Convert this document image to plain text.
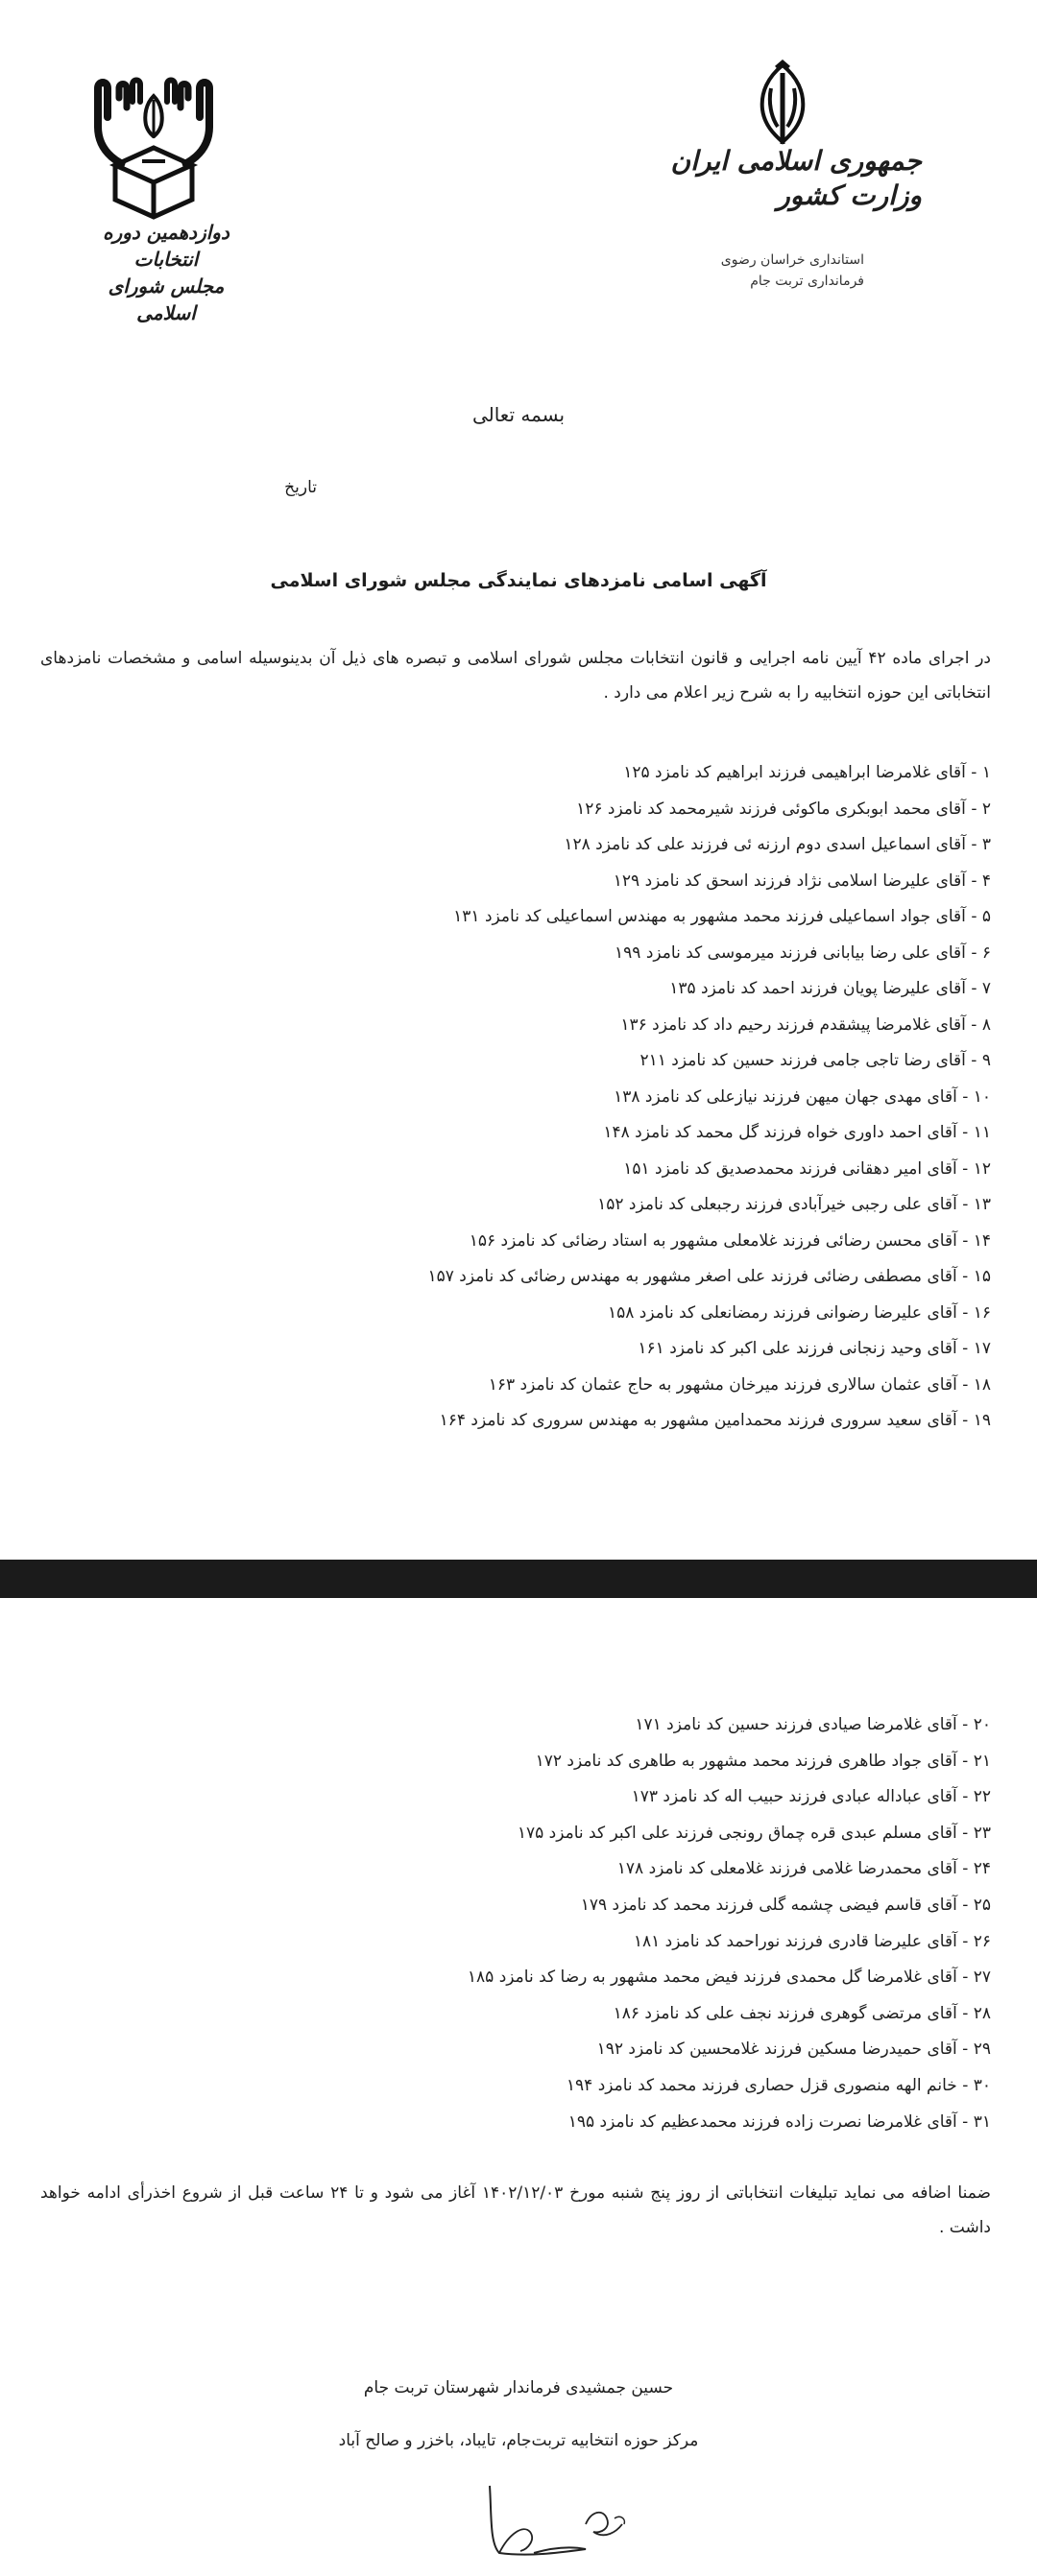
جمهوری اسلامی ایران
وزارت کشور
استانداری خراسان رضوی
فرمانداری تربت جام
دوازدهمین دوره انتخابات
مجلس شورای اسلامی
بسمه تعالی
تاریخ
آگهی اسامی نامزدهای نمایندگی مجلس شورای اسلامی
در اجرای ماده ۴۲ آیین نامه اجرایی و قانون انتخابات مجلس شورای اسلامی و تبصره های ذیل آن بدینوسیله اسامی و مشخصات نامزدهای انتخاباتی این حوزه انتخابیه را به شرح زیر اعلام می دارد .
۱ - آقای غلامرضا ابراهیمی فرزند ابراهیم کد نامزد ۱۲۵
۲ - آقای محمد ابوبکری ماکوئی فرزند شیرمحمد کد نامزد ۱۲۶
۳ - آقای اسماعیل اسدی دوم ارزنه ئی فرزند علی کد نامزد ۱۲۸
۴ - آقای علیرضا اسلامی نژاد فرزند اسحق کد نامزد ۱۲۹
۵ - آقای جواد اسماعیلی فرزند محمد مشهور به مهندس اسماعیلی کد نامزد ۱۳۱
۶ - آقای علی رضا بیابانی فرزند میرموسی کد نامزد ۱۹۹
۷ - آقای علیرضا پویان فرزند احمد کد نامزد ۱۳۵
۸ - آقای غلامرضا پیشقدم فرزند رحیم داد کد نامزد ۱۳۶
۹ - آقای رضا تاجی جامی فرزند حسین کد نامزد ۲۱۱
۱۰ - آقای مهدی جهان میهن فرزند نیازعلی کد نامزد ۱۳۸
۱۱ - آقای احمد داوری خواه فرزند گل محمد کد نامزد ۱۴۸
۱۲ - آقای امیر دهقانی فرزند محمدصدیق کد نامزد ۱۵۱
۱۳ - آقای علی رجبی خیرآبادی فرزند رجبعلی کد نامزد ۱۵۲
۱۴ - آقای محسن رضائی فرزند غلامعلی مشهور به استاد رضائی کد نامزد ۱۵۶
۱۵ - آقای مصطفی رضائی فرزند علی اصغر مشهور به مهندس رضائی کد نامزد ۱۵۷
۱۶ - آقای علیرضا رضوانی فرزند رمضانعلی کد نامزد ۱۵۸
۱۷ - آقای وحید زنجانی فرزند علی اکبر کد نامزد ۱۶۱
۱۸ - آقای عثمان سالاری فرزند میرخان مشهور به حاج عثمان کد نامزد ۱۶۳
۱۹ - آقای سعید سروری فرزند محمدامین مشهور به مهندس سروری کد نامزد ۱۶۴
۲۰ - آقای غلامرضا صیادی فرزند حسین کد نامزد ۱۷۱
۲۱ - آقای جواد طاهری فرزند محمد مشهور به طاهری کد نامزد ۱۷۲
۲۲ - آقای عباداله عبادی فرزند حبیب اله کد نامزد ۱۷۳
۲۳ - آقای مسلم عبدی قره چماق رونجی فرزند علی اکبر کد نامزد ۱۷۵
۲۴ - آقای محمدرضا غلامی فرزند غلامعلی کد نامزد ۱۷۸
۲۵ - آقای قاسم فیضی چشمه گلی فرزند محمد کد نامزد ۱۷۹
۲۶ - آقای علیرضا قادری فرزند نوراحمد کد نامزد ۱۸۱
۲۷ - آقای غلامرضا گل محمدی فرزند فیض محمد مشهور به رضا کد نامزد ۱۸۵
۲۸ - آقای مرتضی گوهری فرزند نجف علی کد نامزد ۱۸۶
۲۹ - آقای حمیدرضا مسکین فرزند غلامحسین کد نامزد ۱۹۲
۳۰ - خانم الهه منصوری قزل حصاری فرزند محمد کد نامزد ۱۹۴
۳۱ - آقای غلامرضا نصرت زاده فرزند محمدعظیم کد نامزد ۱۹۵
ضمنا اضافه می نماید تبلیغات انتخاباتی از روز پنج شنبه مورخ ۱۴۰۲/۱۲/۰۳ آغاز می شود و تا ۲۴ ساعت قبل از شروع اخذرأی ادامه خواهد داشت .
حسین جمشیدی فرماندار شهرستان تربت جام
مرکز حوزه انتخابیه تربت‌جام، تایباد، باخزر و صالح آباد
